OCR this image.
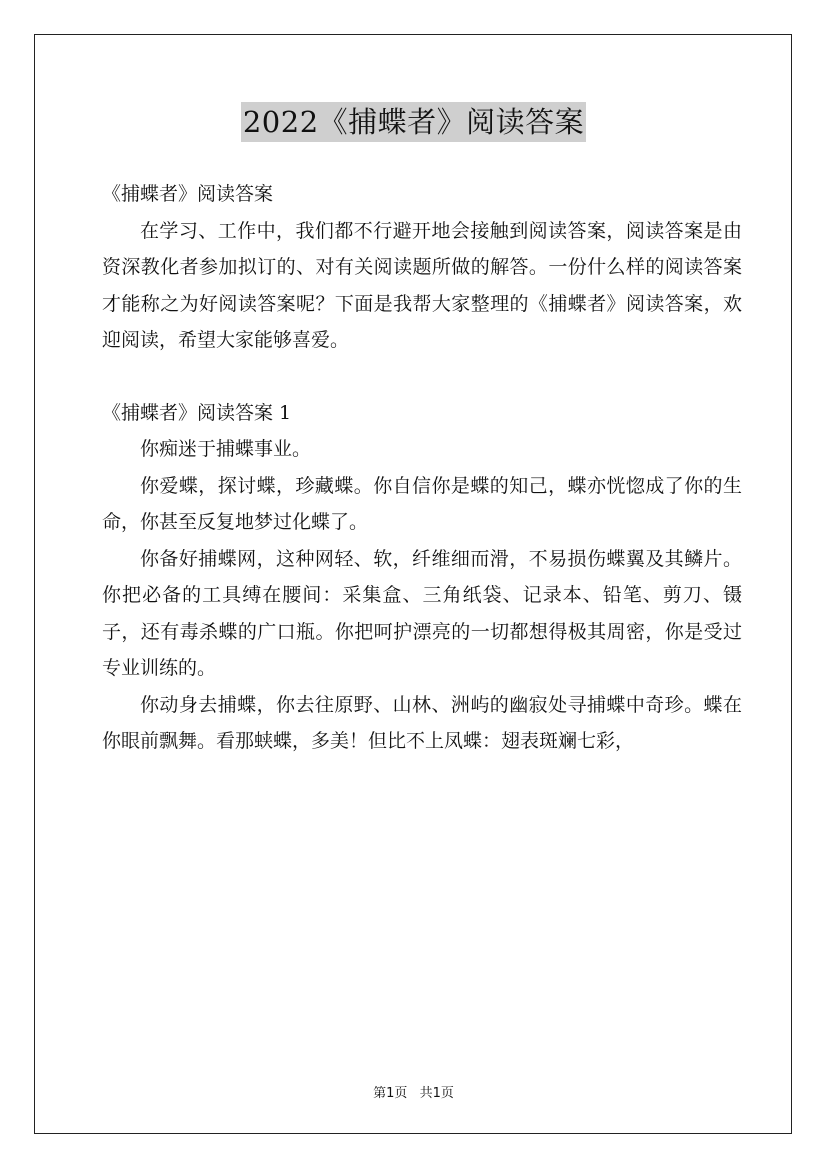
2022《捕蝶者》阅读答案

《捕蝶者》阅读答案

在学习、工作中，我们都不行避开地会接触到阅读答案，阅读答案是由资深教化者参加拟订的、对有关阅读题所做的解答。一份什么样的阅读答案才能称之为好阅读答案呢？下面是我帮大家整理的《捕蝶者》阅读答案，欢迎阅读，希望大家能够喜爱。

《捕蝶者》阅读答案 1

你痴迷于捕蝶事业。

你爱蝶，探讨蝶，珍藏蝶。你自信你是蝶的知己，蝶亦恍惚成了你的生命，你甚至反复地梦过化蝶了。

你备好捕蝶网，这种网轻、软，纤维细而滑，不易损伤蝶翼及其鳞片。你把必备的工具缚在腰间：采集盒、三角纸袋、记录本、铅笔、剪刀、镊子，还有毒杀蝶的广口瓶。你把呵护漂亮的一切都想得极其周密，你是受过专业训练的。

你动身去捕蝶，你去往原野、山林、洲屿的幽寂处寻捕蝶中奇珍。蝶在你眼前飘舞。看那蛱蝶，多美！但比不上凤蝶：翅表斑斓七彩，

第1页 共1页
